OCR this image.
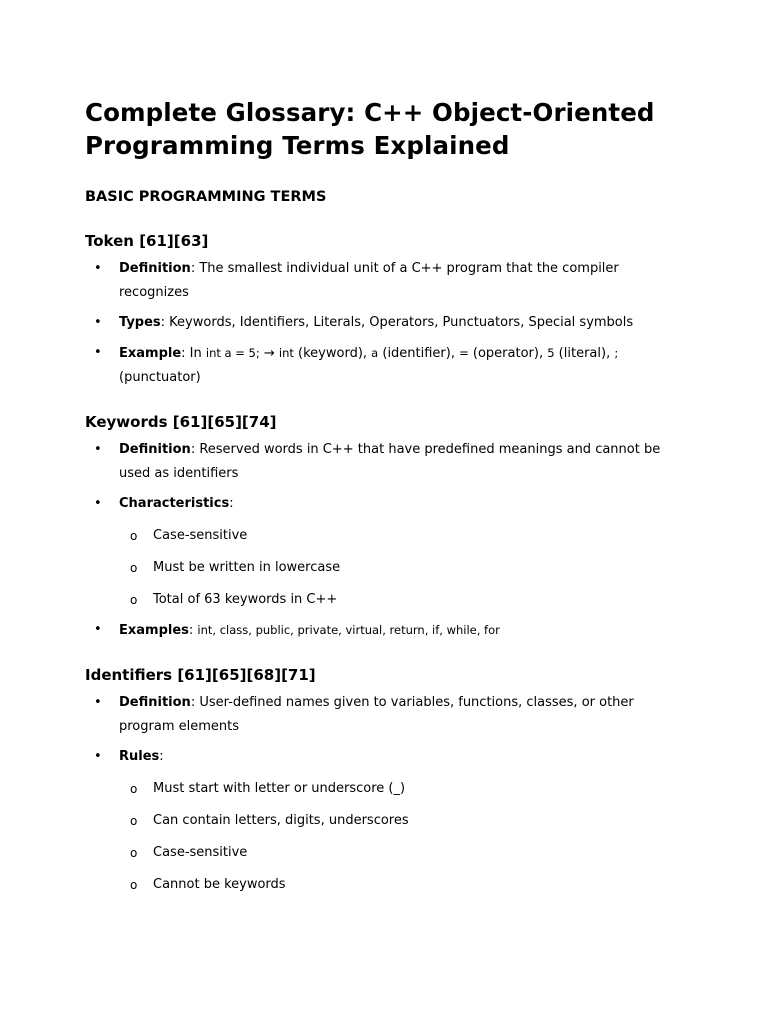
Complete Glossary: C++ Object-Oriented Programming Terms Explained
BASIC PROGRAMMING TERMS
Token [61][63]
• Definition: The smallest individual unit of a C++ program that the compiler recognizes
• Types: Keywords, Identifiers, Literals, Operators, Punctuators, Special symbols
• Example: In int a = 5; → int (keyword), a (identifier), = (operator), 5 (literal), ;
(punctuator)
Keywords [61][65][74]
• Definition: Reserved words in C++ that have predefined meanings and cannot be used as identifiers
• Characteristics:
o Case-sensitive
o Must be written in lowercase
o Total of 63 keywords in C++
• Examples: int, class, public, private, virtual, return, if, while, for
Identifiers [61][65][68][71]
• Definition: User-defined names given to variables, functions, classes, or other program elements
• Rules:
o Must start with letter or underscore (_)
o Can contain letters, digits, underscores
o Case-sensitive
o Cannot be keywords
